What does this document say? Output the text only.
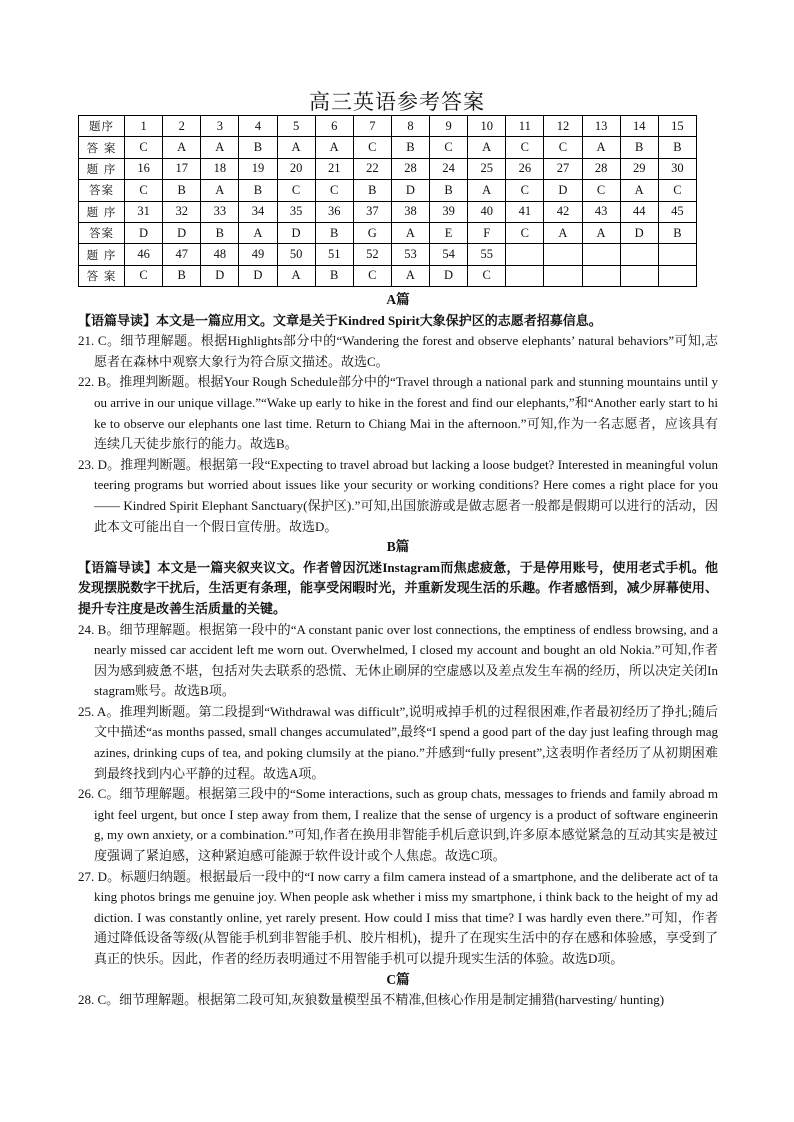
高三英语参考答案
题序	1	2	3	4	5	6	7	8	9	10	11	12	13	14	15
答 案	C	A	A	B	A	A	C	B	C	A	C	C	A	B	B
题 序	16	17	18	19	20	21	22	28	24	25	26	27	28	29	30
答案	C	B	A	B	C	C	B	D	B	A	C	D	C	A	C
题 序	31	32	33	34	35	36	37	38	39	40	41	42	43	44	45
答案	D	D	B	A	D	B	G	A	E	F	C	A	A	D	B
题 序	46	47	48	49	50	51	52	53	54	55					
答 案	C	B	D	D	A	B	C	A	D	C					
A篇
【语篇导读】本文是一篇应用文。文章是关于Kindred Spirit大象保护区的志愿者招募信息。
21. C。细节理解题。根据Highlights部分中的“Wandering the forest and observe elephants’ natural behaviors”可知,志愿者在森林中观察大象行为符合原文描述。故选C。
22. B。推理判断题。根据Your Rough Schedule部分中的“Travel through a national park and stunning mountains until you arrive in our unique village.”“Wake up early to hike in the forest and find our elephants,”和“Another early start to hike to observe our elephants one last time. Return to Chiang Mai in the afternoon.”可知,作为一名志愿者，应该具有连续几天徒步旅行的能力。故选B。
23. D。推理判断题。根据第一段“Expecting to travel abroad but lacking a loose budget? Interested in meaningful volunteering programs but worried about issues like your security or working conditions? Here comes a right place for you—— Kindred Spirit Elephant Sanctuary(保护区).”可知,出国旅游或是做志愿者一般都是假期可以进行的活动，因此本文可能出自一个假日宣传册。故选D。
B篇
【语篇导读】本文是一篇夹叙夹议文。作者曾因沉迷Instagram而焦虑疲惫，于是停用账号，使用老式手机。他发现摆脱数字干扰后，生活更有条理，能享受闲暇时光，并重新发现生活的乐趣。作者感悟到，减少屏幕使用、提升专注度是改善生活质量的关键。
24. B。细节理解题。根据第一段中的“A constant panic over lost connections, the emptiness of endless browsing, and a nearly missed car accident left me worn out. Overwhelmed, I closed my account and bought an old Nokia.”可知,作者因为感到疲惫不堪，包括对失去联系的恐慌、无休止刷屏的空虚感以及差点发生车祸的经历，所以决定关闭Instagram账号。故选B项。
25. A。推理判断题。第二段提到“Withdrawal was difficult”,说明戒掉手机的过程很困难,作者最初经历了挣扎;随后文中描述“as months passed, small changes accumulated”,最终“I spend a good part of the day just leafing through magazines, drinking cups of tea, and poking clumsily at the piano.”并感到“fully present”,这表明作者经历了从初期困难到最终找到内心平静的过程。故选A项。
26. C。细节理解题。根据第三段中的“Some interactions, such as group chats, messages to friends and family abroad might feel urgent, but once I step away from them, I realize that the sense of urgency is a product of software engineering, my own anxiety, or a combination.”可知,作者在换用非智能手机后意识到,许多原本感觉紧急的互动其实是被过度强调了紧迫感，这种紧迫感可能源于软件设计或个人焦虑。故选C项。
27. D。标题归纳题。根据最后一段中的“I now carry a film camera instead of a smartphone, and the deliberate act of taking photos brings me genuine joy. When people ask whether i miss my smartphone, i think back to the height of my addiction. I was constantly online, yet rarely present. How could I miss that time? I was hardly even there.”可知，作者通过降低设备等级(从智能手机到非智能手机、胶片相机)，提升了在现实生活中的存在感和体验感，享受到了真正的快乐。因此，作者的经历表明通过不用智能手机可以提升现实生活的体验。故选D项。
C篇
28. C。细节理解题。根据第二段可知,灰狼数量模型虽不精准,但核心作用是制定捕猎(harvesting/ hunting)
